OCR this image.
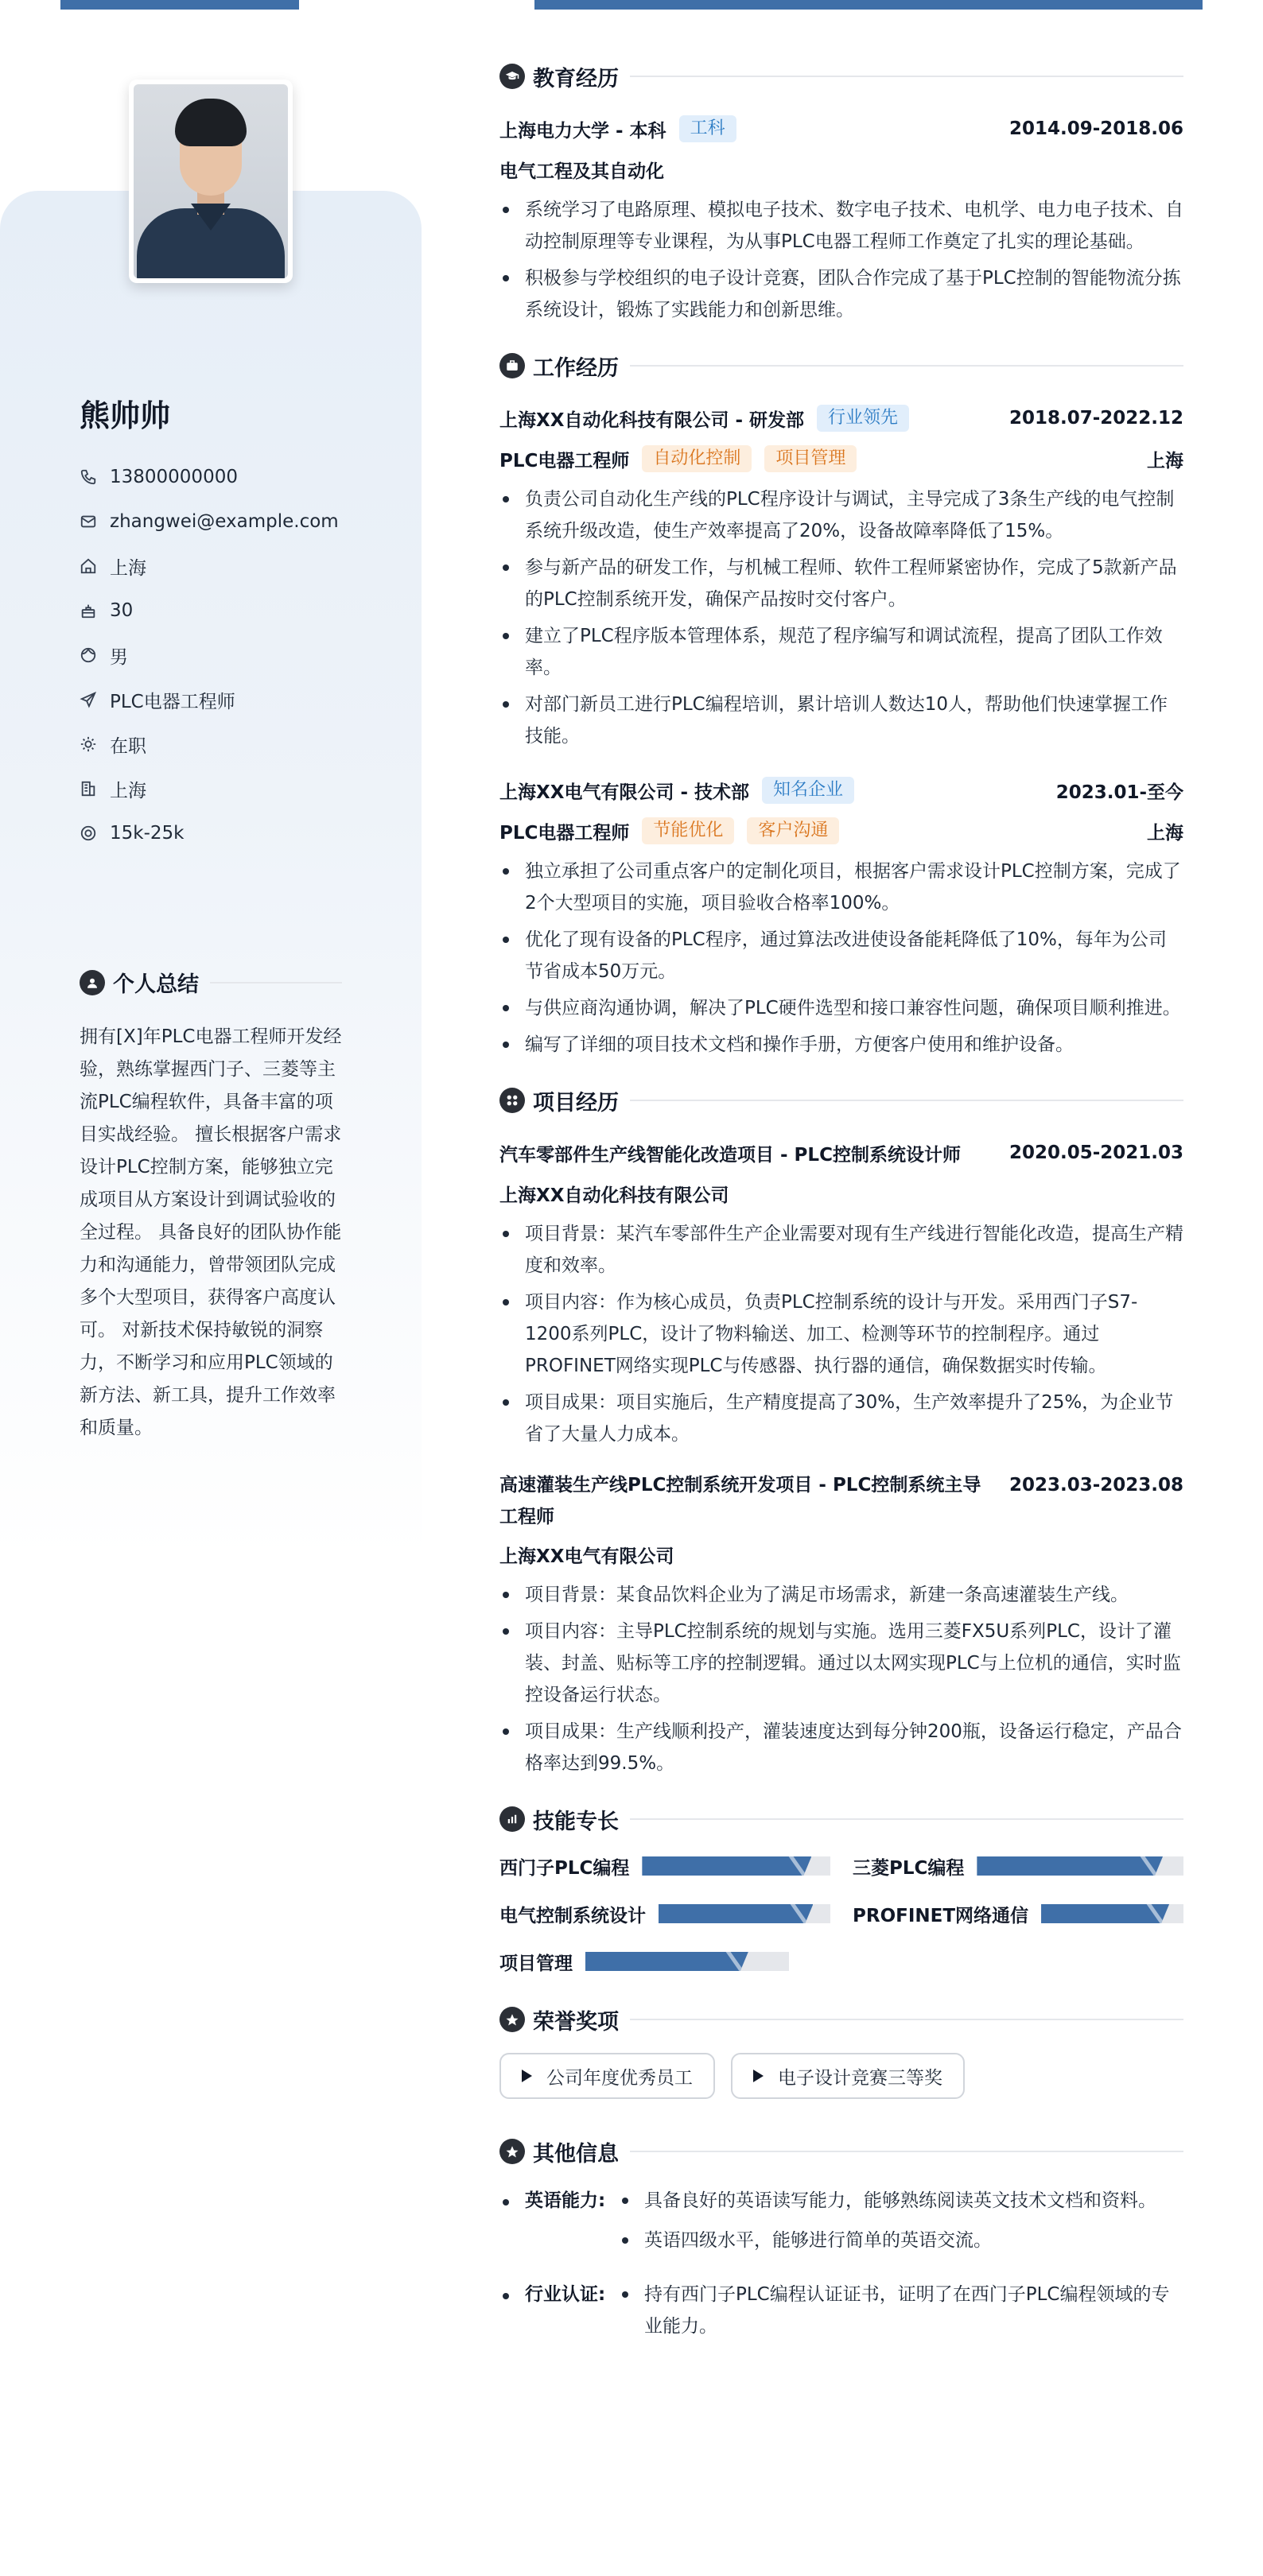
熊帅帅
13800000000
zhangwei@example.com
上海
30
男
PLC电器工程师
在职
上海
15k-25k
个人总结
拥有[X]年PLC电器工程师开发经验，熟练掌握西门子、三菱等主流PLC编程软件，具备丰富的项目实战经验。 擅长根据客户需求设计PLC控制方案，能够独立完成项目从方案设计到调试验收的全过程。 具备良好的团队协作能力和沟通能力，曾带领团队完成多个大型项目，获得客户高度认可。 对新技术保持敏锐的洞察力，不断学习和应用PLC领域的新方法、新工具，提升工作效率和质量。
教育经历
上海电力大学 - 本科	工科	2014.09-2018.06
电气工程及其自动化
系统学习了电路原理、模拟电子技术、数字电子技术、电机学、电力电子技术、自动控制原理等专业课程，为从事PLC电器工程师工作奠定了扎实的理论基础。
积极参与学校组织的电子设计竞赛，团队合作完成了基于PLC控制的智能物流分拣系统设计，锻炼了实践能力和创新思维。
工作经历
上海XX自动化科技有限公司 - 研发部	行业领先	2018.07-2022.12
PLC电器工程师	自动化控制	项目管理	上海
负责公司自动化生产线的PLC程序设计与调试，主导完成了3条生产线的电气控制系统升级改造，使生产效率提高了20%，设备故障率降低了15%。
参与新产品的研发工作，与机械工程师、软件工程师紧密协作，完成了5款新产品的PLC控制系统开发，确保产品按时交付客户。
建立了PLC程序版本管理体系，规范了程序编写和调试流程，提高了团队工作效率。
对部门新员工进行PLC编程培训，累计培训人数达10人，帮助他们快速掌握工作技能。
上海XX电气有限公司 - 技术部	知名企业	2023.01-至今
PLC电器工程师	节能优化	客户沟通	上海
独立承担了公司重点客户的定制化项目，根据客户需求设计PLC控制方案，完成了2个大型项目的实施，项目验收合格率100%。
优化了现有设备的PLC程序，通过算法改进使设备能耗降低了10%，每年为公司节省成本50万元。
与供应商沟通协调，解决了PLC硬件选型和接口兼容性问题，确保项目顺利推进。
编写了详细的项目技术文档和操作手册，方便客户使用和维护设备。
项目经历
汽车零部件生产线智能化改造项目 - PLC控制系统设计师	2020.05-2021.03
上海XX自动化科技有限公司
项目背景：某汽车零部件生产企业需要对现有生产线进行智能化改造，提高生产精度和效率。
项目内容：作为核心成员，负责PLC控制系统的设计与开发。采用西门子S7-1200系列PLC，设计了物料输送、加工、检测等环节的控制程序。通过PROFINET网络实现PLC与传感器、执行器的通信，确保数据实时传输。
项目成果：项目实施后，生产精度提高了30%，生产效率提升了25%，为企业节省了大量人力成本。
高速灌装生产线PLC控制系统开发项目 - PLC控制系统主导工程师
2023.03-2023.08
上海XX电气有限公司
项目背景：某食品饮料企业为了满足市场需求，新建一条高速灌装生产线。
项目内容：主导PLC控制系统的规划与实施。选用三菱FX5U系列PLC，设计了灌装、封盖、贴标等工序的控制逻辑。通过以太网实现PLC与上位机的通信，实时监控设备运行状态。
项目成果：生产线顺利投产，灌装速度达到每分钟200瓶，设备运行稳定，产品合格率达到99.5%。
技能专长
西门子PLC编程	三菱PLC编程
电气控制系统设计	PROFINET网络通信
项目管理
荣誉奖项
公司年度优秀员工	电子设计竞赛三等奖
其他信息
英语能力:	具备良好的英语读写能力，能够熟练阅读英文技术文档和资料。
英语四级水平，能够进行简单的英语交流。
行业认证:	持有西门子PLC编程认证证书，证明了在西门子PLC编程领域的专业能力。
